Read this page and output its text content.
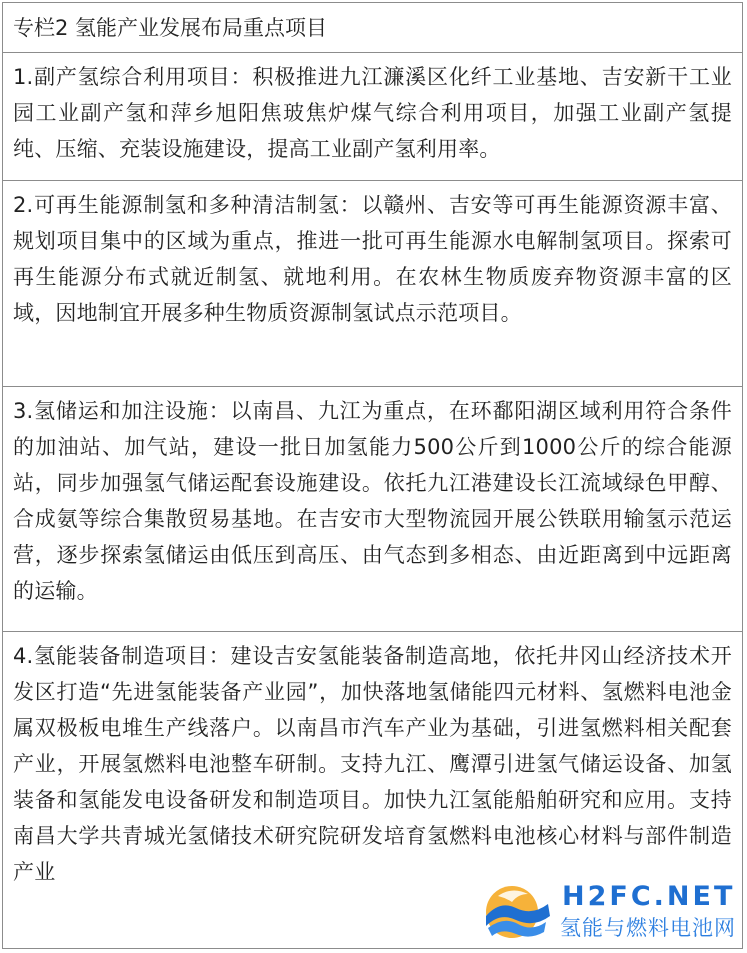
专栏2 氢能产业发展布局重点项目
1.副产氢综合利用项目：积极推进九江濂溪区化纤工业基地、吉安新干工业园工业副产氢和萍乡旭阳焦玻焦炉煤气综合利用项目，加强工业副产氢提纯、压缩、充装设施建设，提高工业副产氢利用率。
2.可再生能源制氢和多种清洁制氢：以赣州、吉安等可再生能源资源丰富、规划项目集中的区域为重点，推进一批可再生能源水电解制氢项目。探索可再生能源分布式就近制氢、就地利用。在农林生物质废弃物资源丰富的区域，因地制宜开展多种生物质资源制氢试点示范项目。
3.氢储运和加注设施：以南昌、九江为重点，在环鄱阳湖区域利用符合条件的加油站、加气站，建设一批日加氢能力500公斤到1000公斤的综合能源站，同步加强氢气储运配套设施建设。依托九江港建设长江流域绿色甲醇、合成氨等综合集散贸易基地。在吉安市大型物流园开展公铁联用输氢示范运营，逐步探索氢储运由低压到高压、由气态到多相态、由近距离到中远距离的运输。
4.氢能装备制造项目：建设吉安氢能装备制造高地，依托井冈山经济技术开发区打造“先进氢能装备产业园”，加快落地氢储能四元材料、氢燃料电池金属双极板电堆生产线落户。以南昌市汽车产业为基础，引进氢燃料相关配套产业，开展氢燃料电池整车研制。支持九江、鹰潭引进氢气储运设备、加氢装备和氢能发电设备研发和制造项目。加快九江氢能船舶研究和应用。支持南昌大学共青城光氢储技术研究院研发培育氢燃料电池核心材料与部件制造产业
H2FC.NET
氢能与燃料电池网
